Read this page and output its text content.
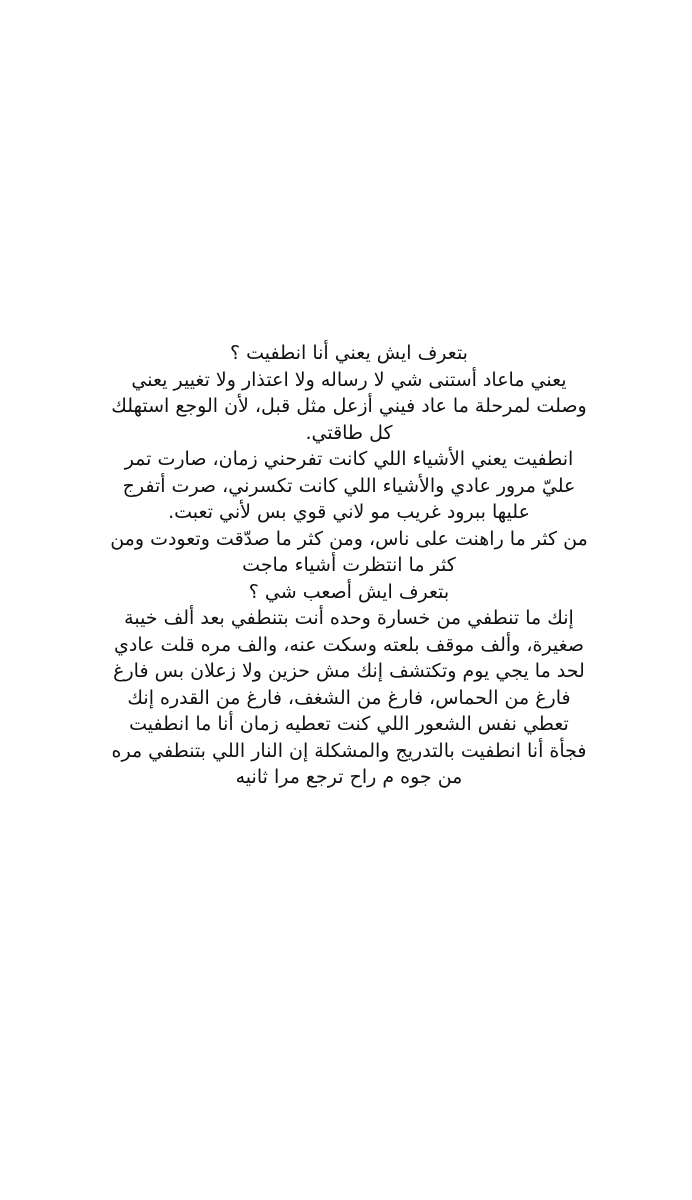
بتعرف ايش يعني أنا انطفيت ؟
يعني ماعاد أستنى شي لا رساله ولا اعتذار ولا تغيير يعني
وصلت لمرحلة ما عاد فيني أزعل مثل قبل، لأن الوجع استهلك
كل طاقتي.
انطفيت يعني الأشياء اللي كانت تفرحني زمان، صارت تمر
عليّ مرور عادي والأشياء اللي كانت تكسرني، صرت أتفرج
عليها ببرود غريب مو لاني قوي بس لأني تعبت.
من كثر ما راهنت على ناس، ومن كثر ما صدّقت وتعودت ومن
كثر ما انتظرت أشياء ماجت
بتعرف ايش أصعب شي ؟
إنك ما تنطفي من خسارة وحده أنت بتنطفي بعد ألف خيبة
صغيرة، وألف موقف بلعته وسكت عنه، والف مره قلت عادي
لحد ما يجي يوم وتكتشف إنك مش حزين ولا زعلان بس فارغ
فارغ من الحماس، فارغ من الشغف، فارغ من القدره إنك
تعطي نفس الشعور اللي كنت تعطيه زمان أنا ما انطفيت
فجأة أنا انطفيت بالتدريج والمشكلة إن النار اللي بتنطفي مره
من جوه م راح ترجع مرا ثانيه
